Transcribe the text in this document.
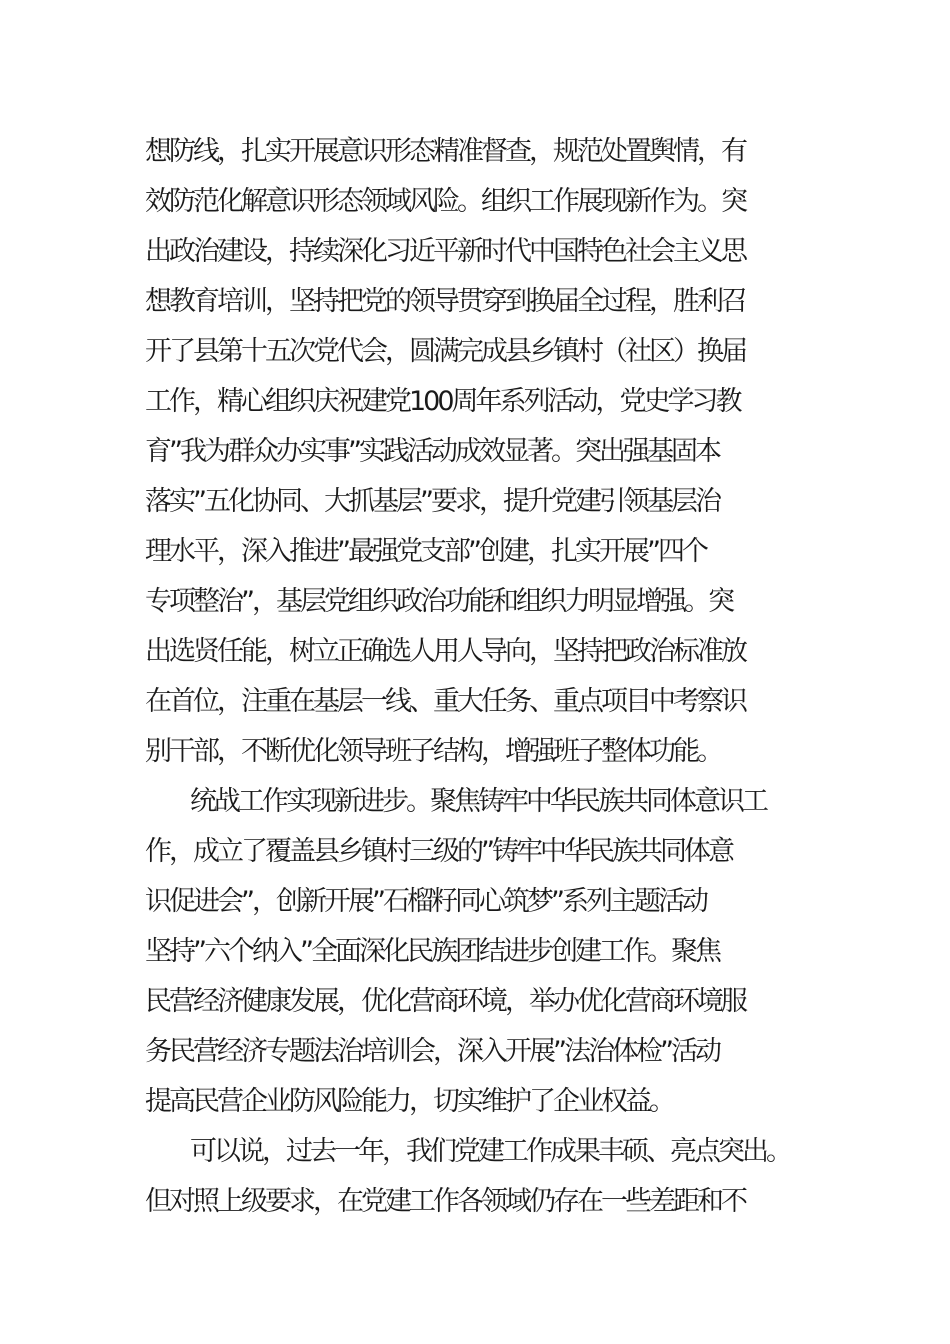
想防线，扎实开展意识形态精准督查，规范处置舆情，有
效防范化解意识形态领域风险。组织工作展现新作为。突
出政治建设，持续深化习近平新时代中国特色社会主义思
想教育培训，坚持把党的领导贯穿到换届全过程，胜利召
开了县第十五次党代会，圆满完成县乡镇村（社区）换届
工作，精心组织庆祝建党100周年系列活动，党史学习教
育”我为群众办实事”实践活动成效显著。突出强基固本
落实”五化协同、大抓基层”要求，提升党建引领基层治
理水平，深入推进”最强党支部”创建，扎实开展”四个
专项整治”，基层党组织政治功能和组织力明显增强。突
出选贤任能，树立正确选人用人导向，坚持把政治标准放
在首位，注重在基层一线、重大任务、重点项目中考察识
别干部，不断优化领导班子结构，增强班子整体功能。
统战工作实现新进步。聚焦铸牢中华民族共同体意识工
作，成立了覆盖县乡镇村三级的”铸牢中华民族共同体意
识促进会”，创新开展”石榴籽同心筑梦”系列主题活动
坚持”六个纳入”全面深化民族团结进步创建工作。聚焦
民营经济健康发展，优化营商环境，举办优化营商环境服
务民营经济专题法治培训会，深入开展”法治体检”活动
提高民营企业防风险能力，切实维护了企业权益。
可以说，过去一年，我们党建工作成果丰硕、亮点突出。
但对照上级要求，在党建工作各领域仍存在一些差距和不
